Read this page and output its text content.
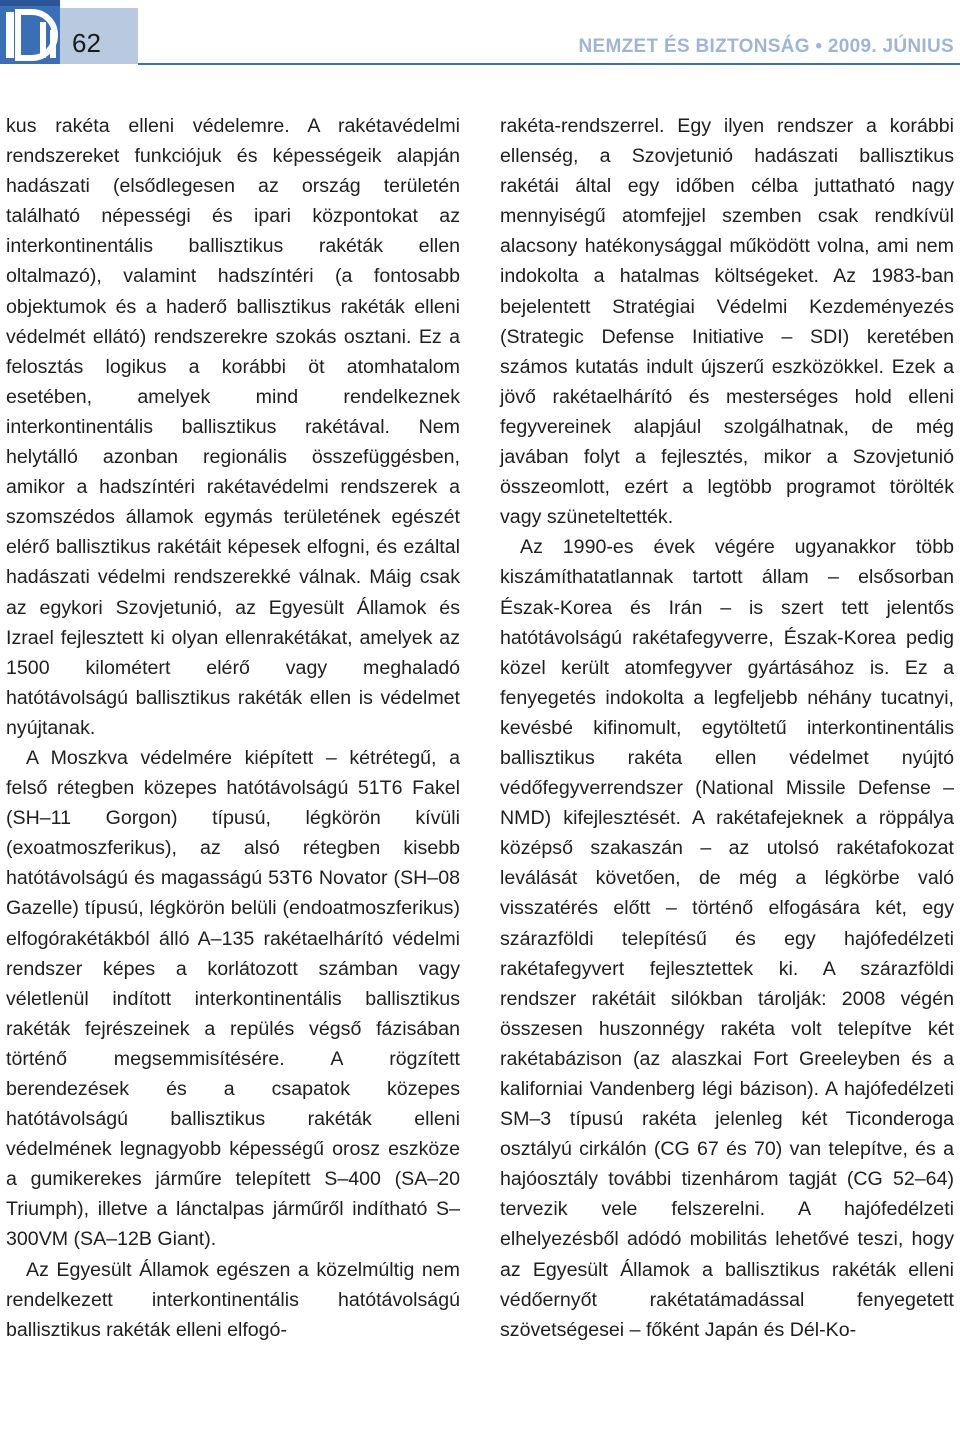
62	NEMZET ÉS BIZTONSÁG • 2009. JÚNIUS

kus rakéta elleni védelemre. A rakétavédelmi rendszereket funkciójuk és képességeik alapján hadászati (elsődlegesen az ország területén található népességi és ipari központokat az interkontinentális ballisztikus rakéták ellen oltalmazó), valamint hadszíntéri (a fontosabb objektumok és a haderő ballisztikus rakéták elleni védelmét ellátó) rendszerekre szokás osztani. Ez a felosztás logikus a korábbi öt atomhatalom esetében, amelyek mind rendelkeznek interkontinentális ballisztikus rakétával. Nem helytálló azonban regionális összefüggésben, amikor a hadszíntéri rakétavédelmi rendszerek a szomszédos államok egymás területének egészét elérő ballisztikus rakétáit képesek elfogni, és ezáltal hadászati védelmi rendszerekké válnak. Máig csak az egykori Szovjetunió, az Egyesült Államok és Izrael fejlesztett ki olyan ellenrakétákat, amelyek az 1500 kilométert elérő vagy meghaladó hatótávolságú ballisztikus rakéták ellen is védelmet nyújtanak.

A Moszkva védelmére kiépített – kétrétegű, a felső rétegben közepes hatótávolságú 51T6 Fakel (SH–11 Gorgon) típusú, légkörön kívüli (exoatmoszferikus), az alsó rétegben kisebb hatótávolságú és magasságú 53T6 Novator (SH–08 Gazelle) típusú, légkörön belüli (endoatmoszferikus) elfogórakétákból álló A–135 rakétaelhárító védelmi rendszer képes a korlátozott számban vagy véletlenül indított interkontinentális ballisztikus rakéták fejrészeinek a repülés végső fázisában történő megsemmisítésére. A rögzített berendezések és a csapatok közepes hatótávolságú ballisztikus rakéták elleni védelmének legnagyobb képességű orosz eszköze a gumikerekes járműre telepített S–400 (SA–20 Triumph), illetve a lánctalpas járműről indítható S–300VM (SA–12B Giant).

Az Egyesült Államok egészen a közelmúltig nem rendelkezett interkontinentális hatótávolságú ballisztikus rakéták elleni elfogó-

rakéta-rendszerrel. Egy ilyen rendszer a korábbi ellenség, a Szovjetunió hadászati ballisztikus rakétái által egy időben célba juttatható nagy mennyiségű atomfejjel szemben csak rendkívül alacsony hatékonysággal működött volna, ami nem indokolta a hatalmas költségeket. Az 1983-ban bejelentett Stratégiai Védelmi Kezdeményezés (Strategic Defense Initiative – SDI) keretében számos kutatás indult újszerű eszközökkel. Ezek a jövő rakétaelhárító és mesterséges hold elleni fegyvereinek alapjául szolgálhatnak, de még javában folyt a fejlesztés, mikor a Szovjetunió összeomlott, ezért a legtöbb programot törölték vagy szüneteltették.

Az 1990-es évek végére ugyanakkor több kiszámíthatatlannak tartott állam – elsősorban Észak-Korea és Irán – is szert tett jelentős hatótávolságú rakétafegyverre, Észak-Korea pedig közel került atomfegyver gyártásához is. Ez a fenyegetés indokolta a legfeljebb néhány tucatnyi, kevésbé kifinomult, egytöltetű interkontinentális ballisztikus rakéta ellen védelmet nyújtó védőfegyverrendszer (National Missile Defense – NMD) kifejlesztését. A rakétafejeknek a röppálya középső szakaszán – az utolsó rakétafokozat leválását követően, de még a légkörbe való visszatérés előtt – történő elfogására két, egy szárazföldi telepítésű és egy hajófedélzeti rakétafegyvert fejlesztettek ki. A szárazföldi rendszer rakétáit silókban tárolják: 2008 végén összesen huszonnégy rakéta volt telepítve két rakétabázison (az alaszkai Fort Greeleyben és a kaliforniai Vandenberg légi bázison). A hajófedélzeti SM–3 típusú rakéta jelenleg két Ticonderoga osztályú cirkálón (CG 67 és 70) van telepítve, és a hajóosztály további tizenhárom tagját (CG 52–64) tervezik vele felszerelni. A hajófedélzeti elhelyezésből adódó mobilitás lehetővé teszi, hogy az Egyesült Államok a ballisztikus rakéták elleni védőernyőt rakétatámadással fenyegetett szövetségesei – főként Japán és Dél-Ko-
